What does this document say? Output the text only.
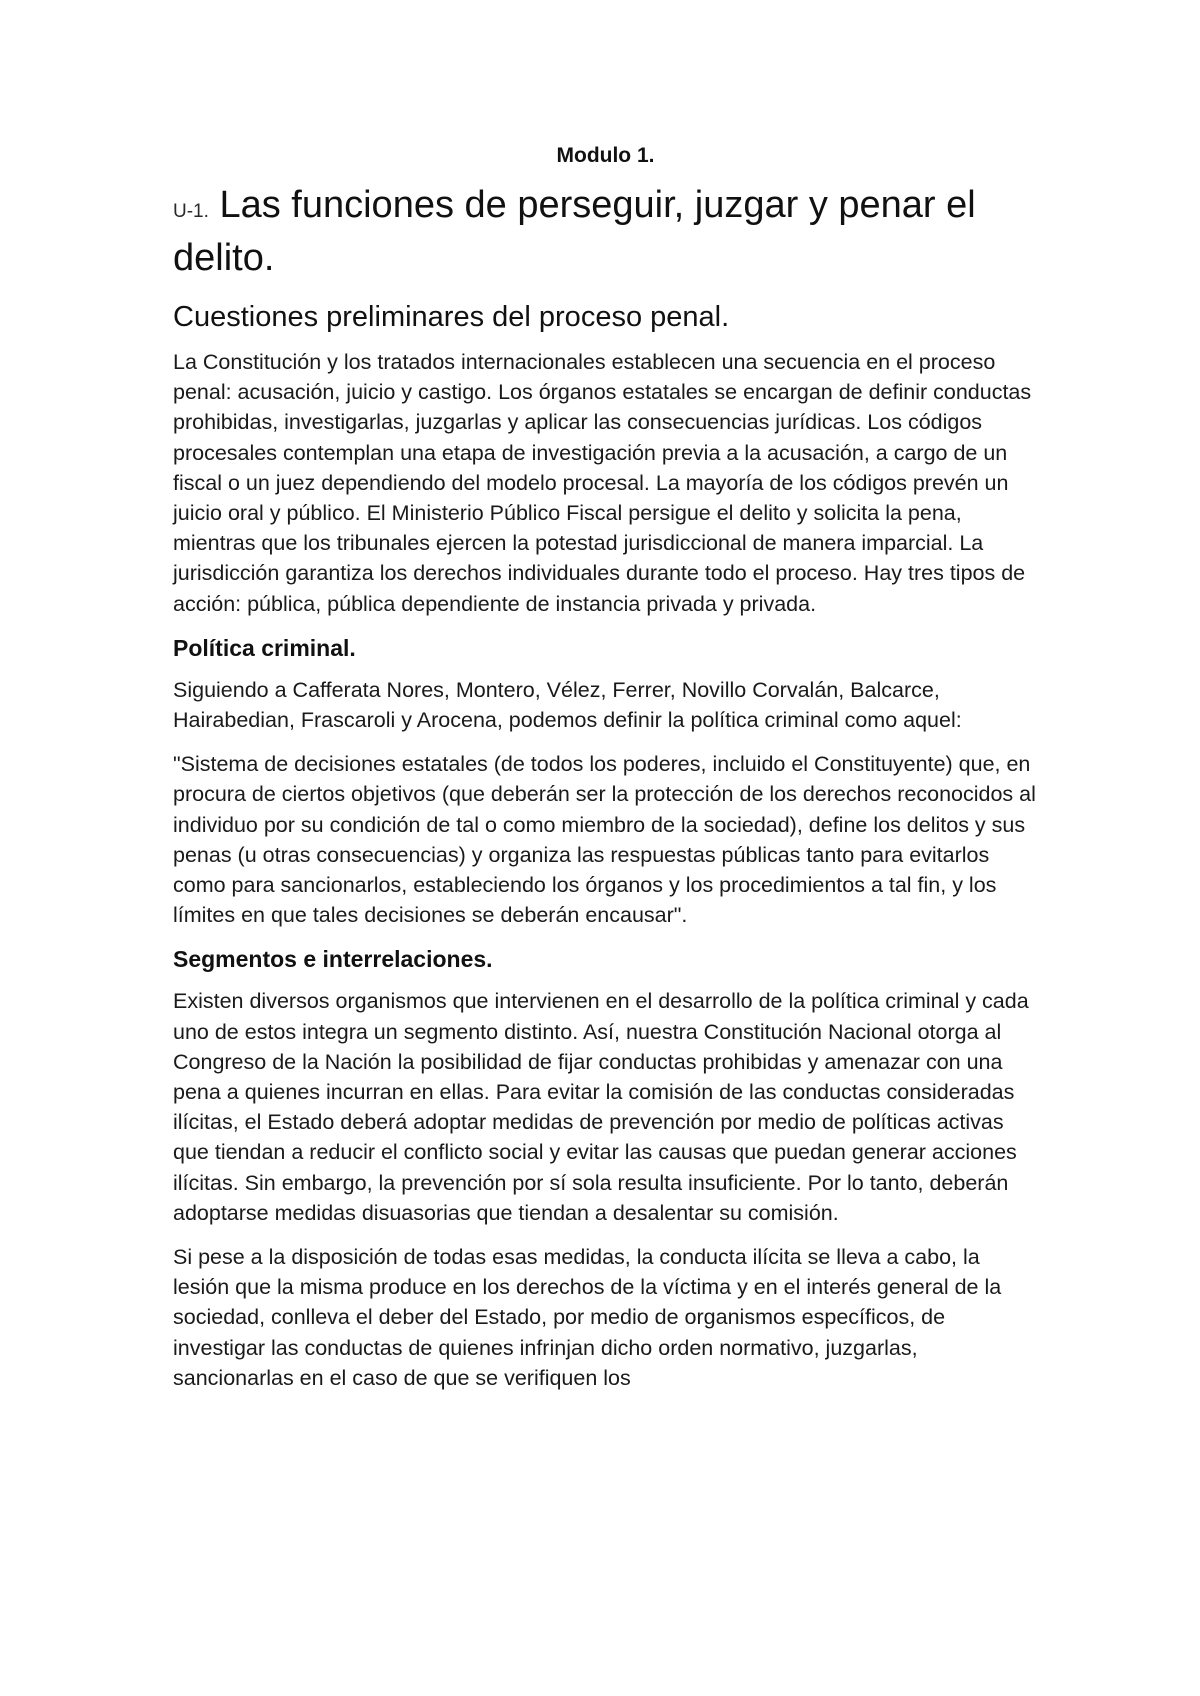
Modulo 1.
U-1. Las funciones de perseguir, juzgar y penar el delito.
Cuestiones preliminares del proceso penal.

La Constitución y los tratados internacionales establecen una secuencia en el proceso penal: acusación, juicio y castigo. Los órganos estatales se encargan de definir conductas prohibidas, investigarlas, juzgarlas y aplicar las consecuencias jurídicas. Los códigos procesales contemplan una etapa de investigación previa a la acusación, a cargo de un fiscal o un juez dependiendo del modelo procesal. La mayoría de los códigos prevén un juicio oral y público. El Ministerio Público Fiscal persigue el delito y solicita la pena, mientras que los tribunales ejercen la potestad jurisdiccional de manera imparcial. La jurisdicción garantiza los derechos individuales durante todo el proceso. Hay tres tipos de acción: pública, pública dependiente de instancia privada y privada.

Política criminal.

Siguiendo a Cafferata Nores, Montero, Vélez, Ferrer, Novillo Corvalán, Balcarce, Hairabedian, Frascaroli y Arocena, podemos definir la política criminal como aquel:

"Sistema de decisiones estatales (de todos los poderes, incluido el Constituyente) que, en procura de ciertos objetivos (que deberán ser la protección de los derechos reconocidos al individuo por su condición de tal o como miembro de la sociedad), define los delitos y sus penas (u otras consecuencias) y organiza las respuestas públicas tanto para evitarlos como para sancionarlos, estableciendo los órganos y los procedimientos a tal fin, y los límites en que tales decisiones se deberán encausar".

Segmentos e interrelaciones.

Existen diversos organismos que intervienen en el desarrollo de la política criminal y cada uno de estos integra un segmento distinto. Así, nuestra Constitución Nacional otorga al Congreso de la Nación la posibilidad de fijar conductas prohibidas y amenazar con una pena a quienes incurran en ellas. Para evitar la comisión de las conductas consideradas ilícitas, el Estado deberá adoptar medidas de prevención por medio de políticas activas que tiendan a reducir el conflicto social y evitar las causas que puedan generar acciones ilícitas. Sin embargo, la prevención por sí sola resulta insuficiente. Por lo tanto, deberán adoptarse medidas disuasorias que tiendan a desalentar su comisión.

Si pese a la disposición de todas esas medidas, la conducta ilícita se lleva a cabo, la lesión que la misma produce en los derechos de la víctima y en el interés general de la sociedad, conlleva el deber del Estado, por medio de organismos específicos, de investigar las conductas de quienes infrinjan dicho orden normativo, juzgarlas, sancionarlas en el caso de que se verifiquen los
